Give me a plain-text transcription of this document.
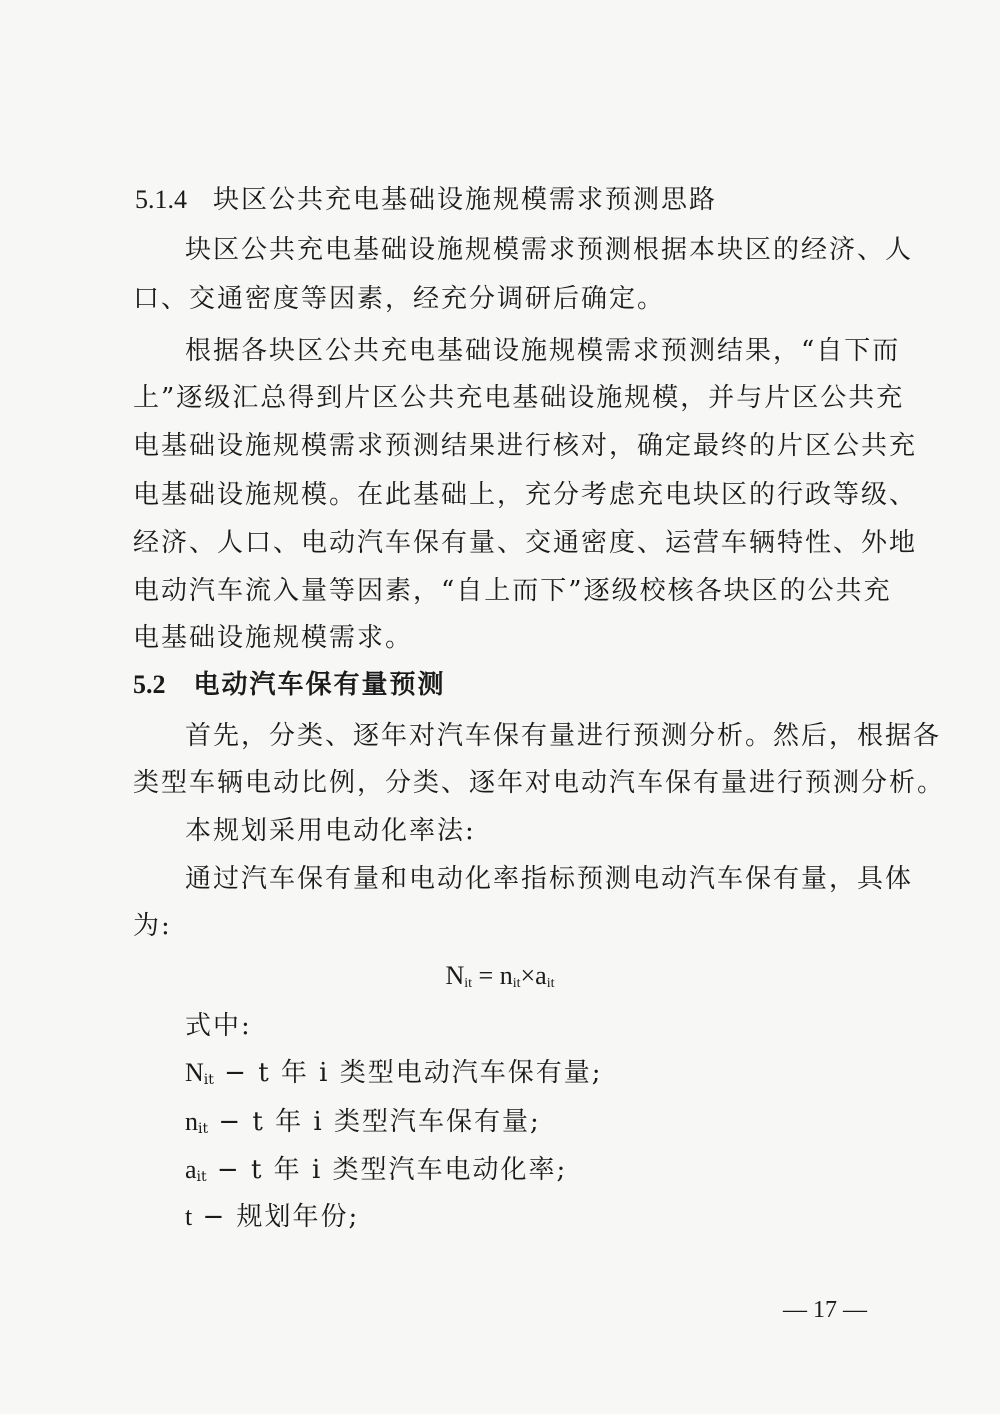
5.1.4 块区公共充电基础设施规模需求预测思路
块区公共充电基础设施规模需求预测根据本块区的经济、人
口、交通密度等因素，经充分调研后确定。
根据各块区公共充电基础设施规模需求预测结果，“自下而
上”逐级汇总得到片区公共充电基础设施规模，并与片区公共充
电基础设施规模需求预测结果进行核对，确定最终的片区公共充
电基础设施规模。在此基础上，充分考虑充电块区的行政等级、
经济、人口、电动汽车保有量、交通密度、运营车辆特性、外地
电动汽车流入量等因素，“自上而下”逐级校核各块区的公共充
电基础设施规模需求。
5.2 电动汽车保有量预测
首先，分类、逐年对汽车保有量进行预测分析。然后，根据各
类型车辆电动比例，分类、逐年对电动汽车保有量进行预测分析。
本规划采用电动化率法:
通过汽车保有量和电动化率指标预测电动汽车保有量，具体
为:
$N_{it} = n_{it}\times a_{it}$
式中:
$N_{it} - t$ 年 i 类型电动汽车保有量;
$n_{it} - t$ 年 i 类型汽车保有量;
$a_{it} - t$ 年 i 类型汽车电动化率;
t − 规划年份;
— 17 —
